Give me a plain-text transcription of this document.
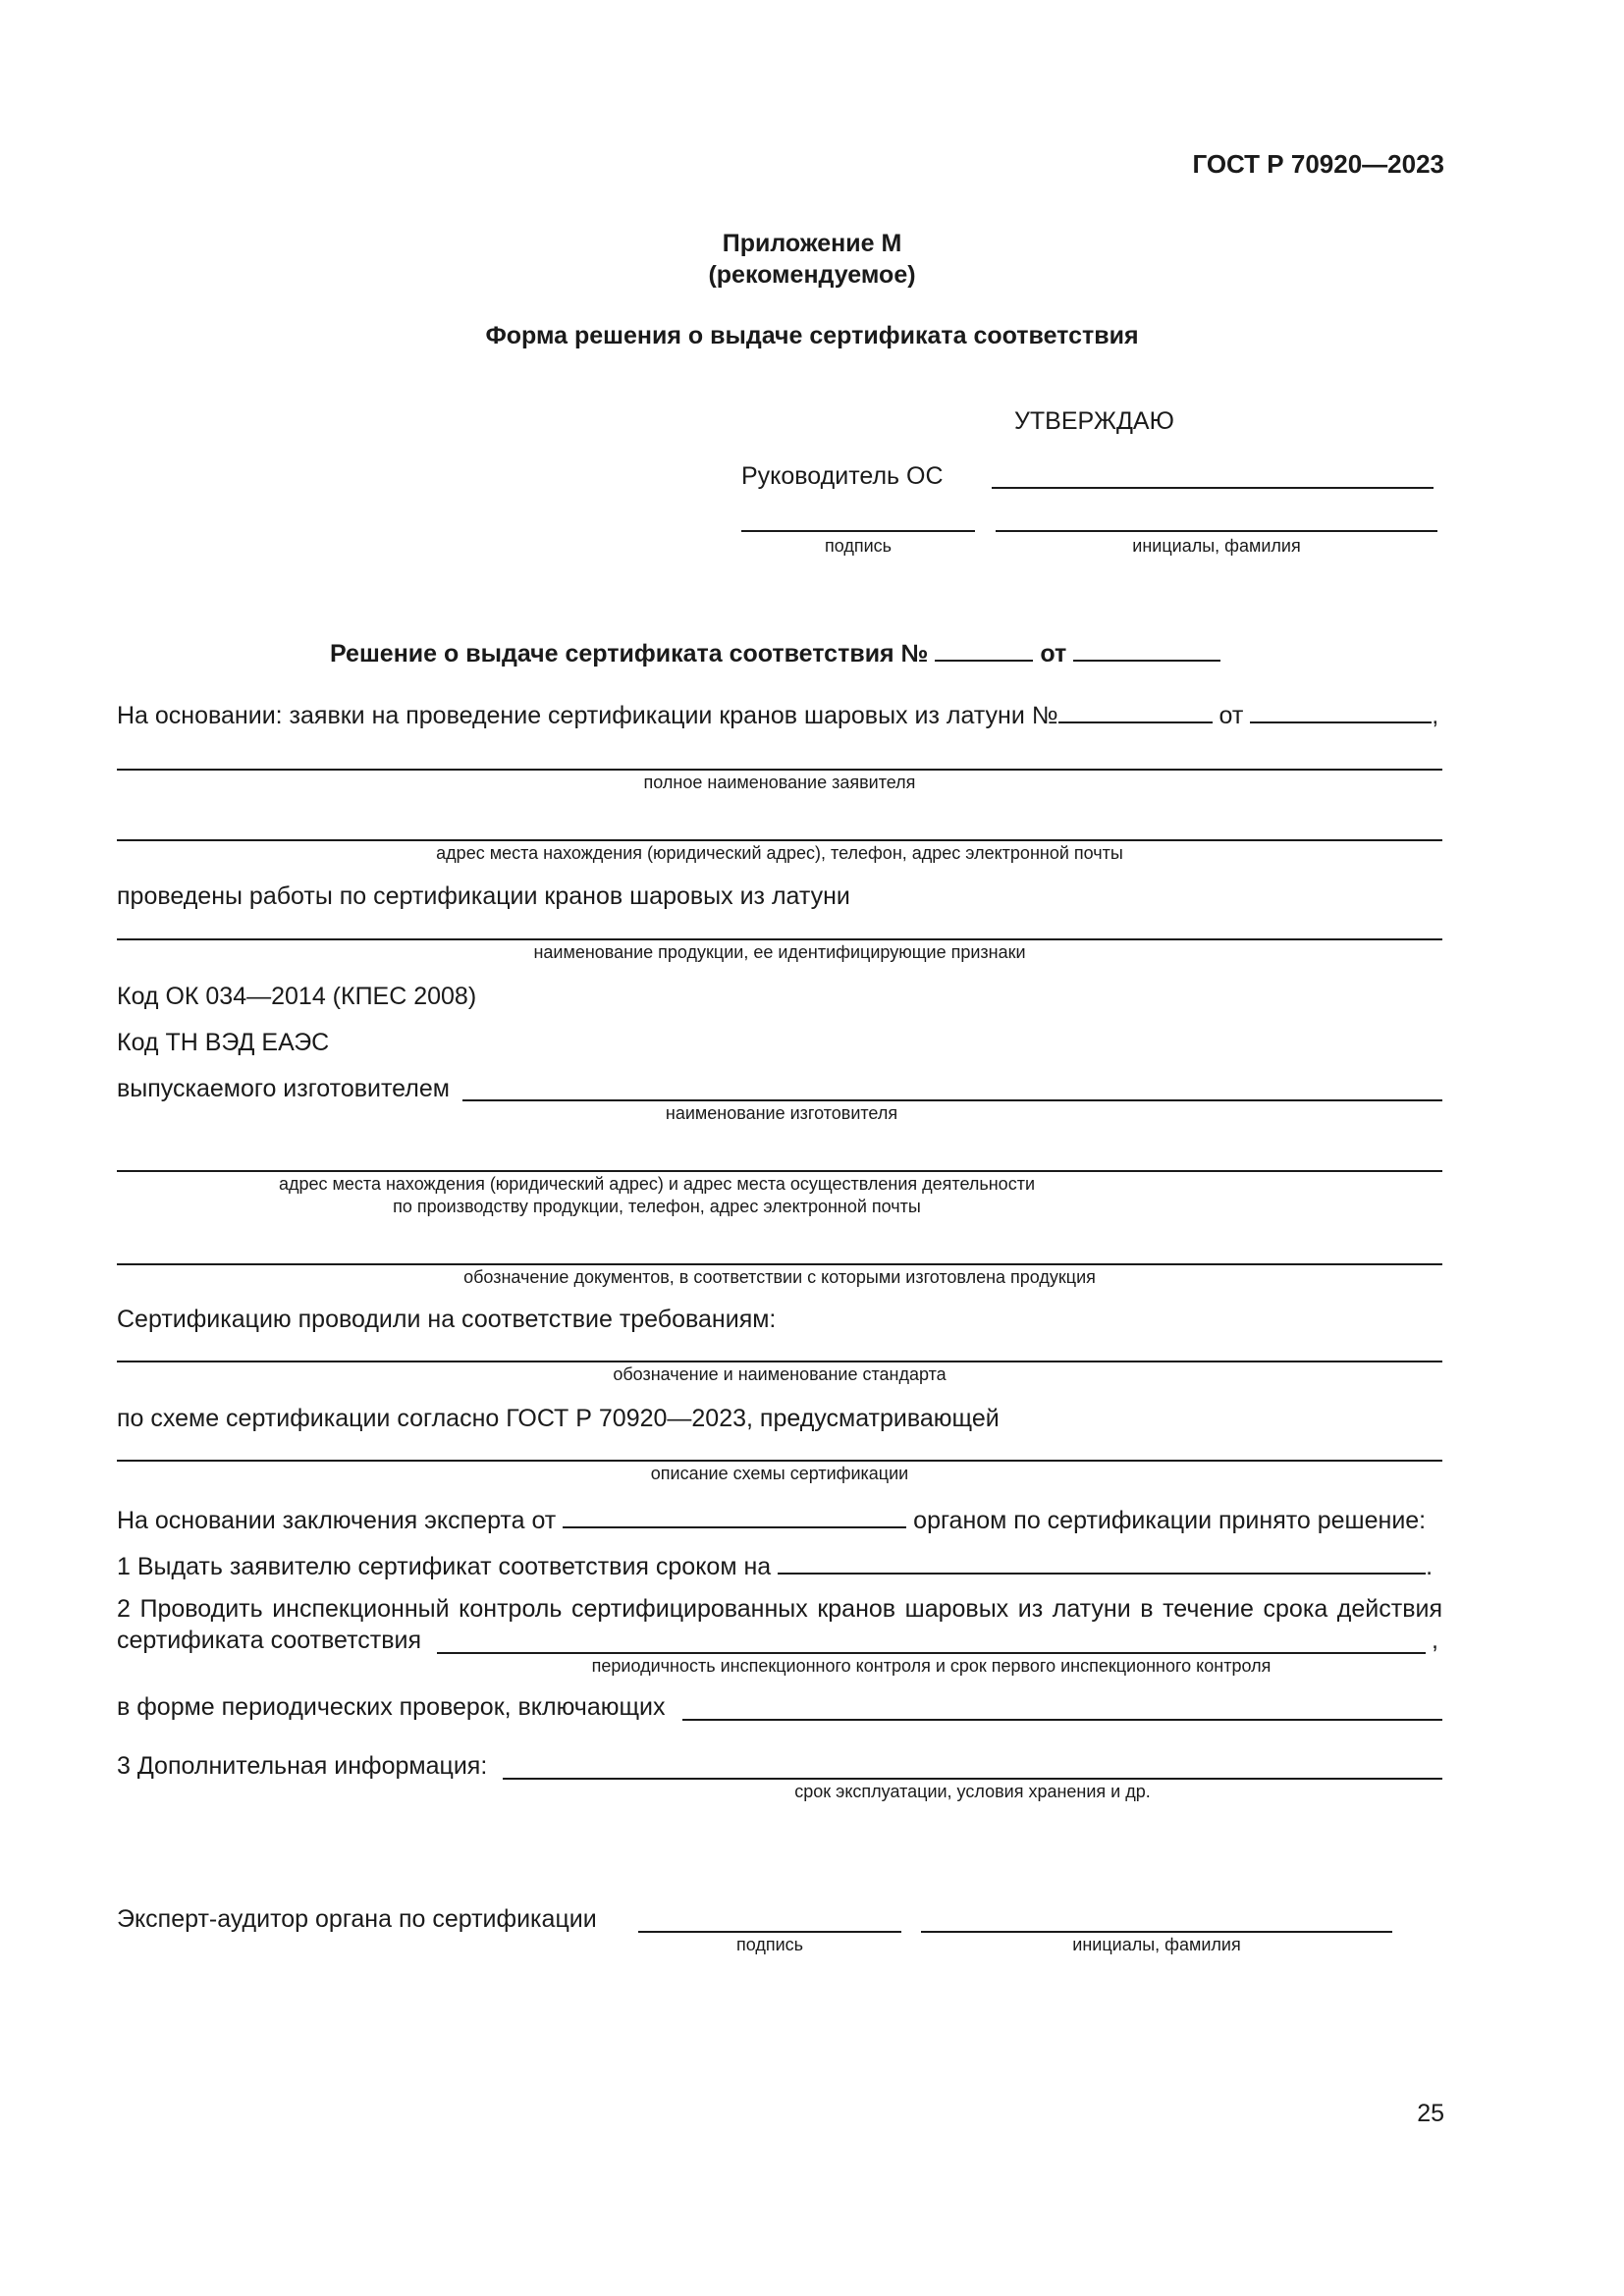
ГОСТ Р 70920—2023
Приложение М
(рекомендуемое)
Форма решения о выдаче сертификата соответствия
УТВЕРЖДАЮ
Руководитель ОС
подпись	инициалы, фамилия
Решение о выдаче сертификата соответствия №	от
На основании: заявки на проведение сертификации кранов шаровых из латуни №	от	,
полное наименование заявителя
адрес места нахождения (юридический адрес), телефон, адрес электронной почты
проведены работы по сертификации кранов шаровых из латуни
наименование продукции, ее идентифицирующие признаки
Код ОК 034—2014 (КПЕС 2008)
Код ТН ВЭД ЕАЭС
выпускаемого изготовителем
наименование изготовителя
адрес места нахождения (юридический адрес) и адрес места осуществления деятельности
по производству продукции, телефон, адрес электронной почты
обозначение документов, в соответствии с которыми изготовлена продукция
Сертификацию проводили на соответствие требованиям:
обозначение и наименование стандарта
по схеме сертификации согласно ГОСТ Р 70920—2023, предусматривающей
описание схемы сертификации
На основании заключения эксперта от	органом по сертификации принято решение:
1 Выдать заявителю сертификат соответствия сроком на	.
2 Проводить инспекционный контроль сертифицированных кранов шаровых из латуни в течение срока действия
сертификата соответствия	,
периодичность инспекционного контроля и срок первого инспекционного контроля
в форме периодических проверок, включающих
3 Дополнительная информация:
срок эксплуатации, условия хранения и др.
Эксперт-аудитор органа по сертификации
подпись	инициалы, фамилия
25
